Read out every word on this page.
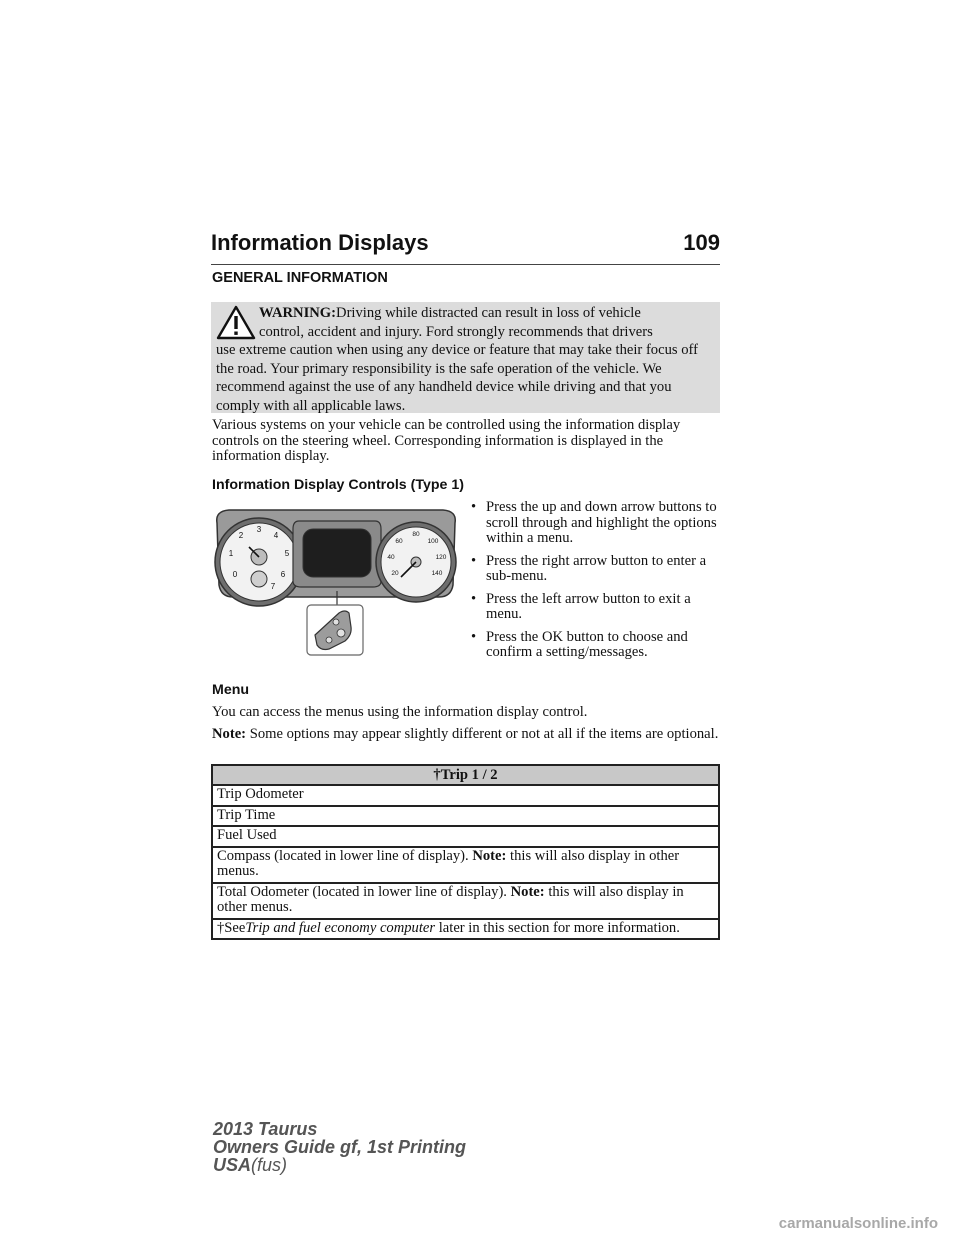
Information Displays	109
GENERAL INFORMATION
WARNING:Driving while distracted can result in loss of vehicle
control, accident and injury. Ford strongly recommends that drivers
use extreme caution when using any device or feature that may take their focus off the road. Your primary responsibility is the safe operation of the vehicle. We recommend against the use of any handheld device while driving and that you comply with all applicable laws.
Various systems on your vehicle can be controlled using the information display controls on the steering wheel. Corresponding information is displayed in the information display.
Information Display Controls (Type 1)
0
1
2
3
4
5
6
7
20
40
60
80
100
120
140
• Press the up and down arrow buttons to scroll through and highlight the options within a menu.
• Press the right arrow button to enter a sub-menu.
• Press the left arrow button to exit a menu.
• Press the OK button to choose and confirm a setting/messages.
Menu
You can access the menus using the information display control.
Note: Some options may appear slightly different or not at all if the items are optional.
†Trip 1 / 2
Trip Odometer
Trip Time
Fuel Used
Compass (located in lower line of display). Note: this will also display in other menus.
Total Odometer (located in lower line of display). Note: this will also display in other menus.
†SeeTrip and fuel economy computer later in this section for more information.
2013 Taurus
Owners Guide gf, 1st Printing
USA(fus)
carmanualsonline.info
